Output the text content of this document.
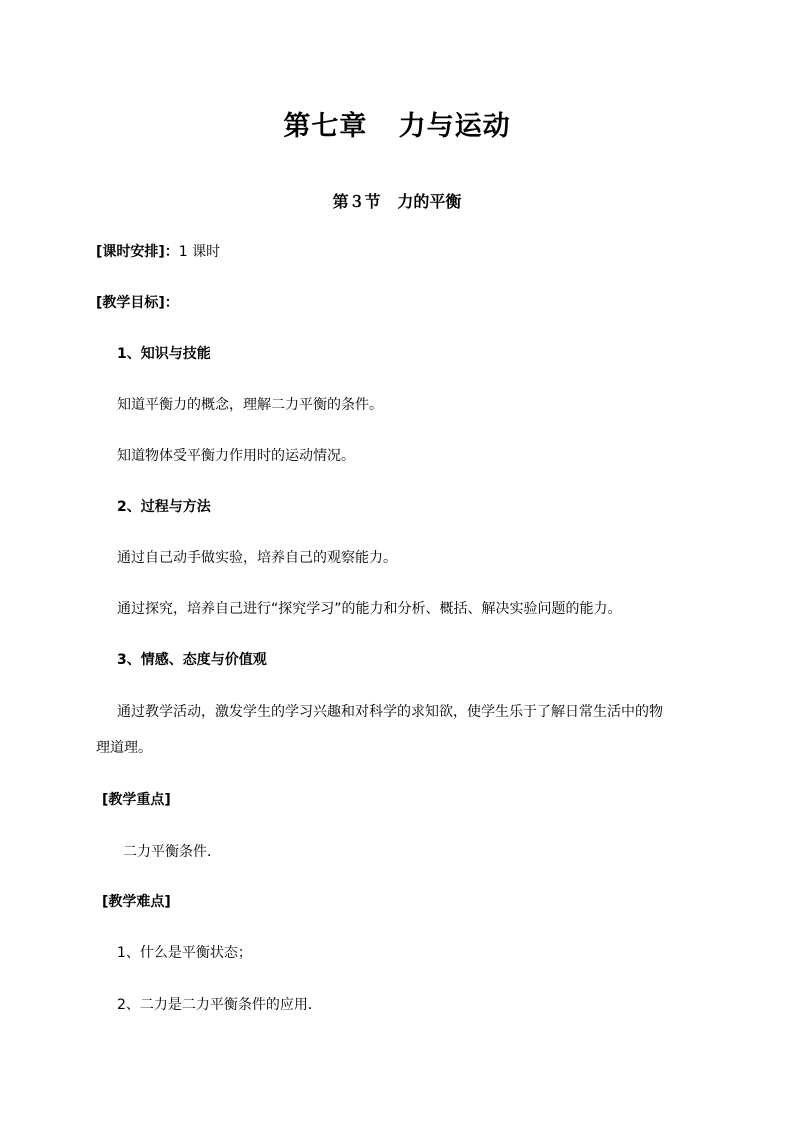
第七章   力与运动
第３节   力的平衡
[课时安排]：1 课时
[教学目标]：
1、知识与技能
知道平衡力的概念，理解二力平衡的条件。
知道物体受平衡力作用时的运动情况。
2、过程与方法
通过自己动手做实验，培养自己的观察能力。
通过探究，培养自己进行“探究学习”的能力和分析、概括、解决实验问题的能力。
3、情感、态度与价值观
通过教学活动，激发学生的学习兴趣和对科学的求知欲，使学生乐于了解日常生活中的物
理道理。
[教学重点]
二力平衡条件．
[教学难点]
1、什么是平衡状态；
2、二力是二力平衡条件的应用．
